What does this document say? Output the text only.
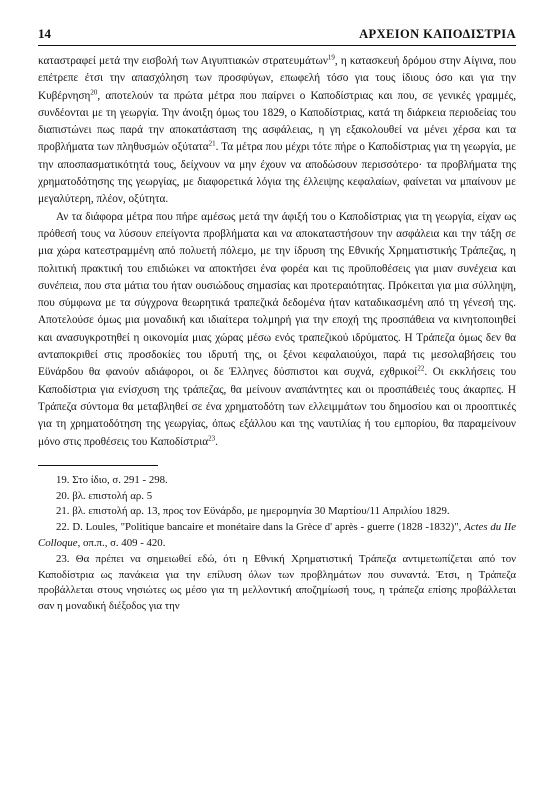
14	ΑΡΧΕΙΟΝ ΚΑΠΟΔΙΣΤΡΙΑ

καταστραφεί μετά την εισβολή των Αιγυπτιακών στρατευμάτων$^{19}$, η κατασκευή δρόμου στην Αίγινα, που επέτρεπε έτσι την απασχόληση των προσφύγων, επωφελή τόσο για τους ίδιους όσο και για την Κυβέρνηση$^{20}$, αποτελούν τα πρώτα μέτρα που παίρνει ο Καποδίστριας και που, σε γενικές γραμμές, συνδέονται με τη γεωργία. Την άνοιξη όμως του 1829, ο Καποδίστριας, κατά τη διάρκεια περιοδείας του διαπιστώνει πως παρά την αποκατάσταση της ασφάλειας, η γη εξακολουθεί να μένει χέρσα και τα προβλήματα των πληθυσμών οξύτατα$^{21}$. Τα μέτρα που μέχρι τότε πήρε ο Καποδίστριας για τη γεωργία, με την αποσπασματικότητά τους, δείχνουν να μην έχουν να αποδώσουν περισσότερο· τα προβλήματα της χρηματοδότησης της γεωργίας, με διαφορετικά λόγια της έλλειψης κεφαλαίων, φαίνεται να μπαίνουν με μεγαλύτερη, πλέον, οξύτητα.

Αν τα διάφορα μέτρα που πήρε αμέσως μετά την άφιξή του ο Καποδίστριας για τη γεωργία, είχαν ως πρόθεσή τους να λύσουν επείγοντα προβλήματα και να αποκαταστήσουν την ασφάλεια και την τάξη σε μια χώρα κατεστραμμένη από πολυετή πόλεμο, με την ίδρυση της Εθνικής Χρηματιστικής Τράπεζας, η πολιτική πρακτική του επιδιώκει να αποκτήσει ένα φορέα και τις προϋποθέσεις για μιαν συνέχεια και συνέπεια, που στα μάτια του ήταν ουσιώδους σημασίας και προτεραιότητας. Πρόκειται για μια σύλληψη, που σύμφωνα με τα σύγχρονα θεωρητικά τραπεζικά δεδομένα ήταν καταδικασμένη από τη γένεσή της. Αποτελούσε όμως μια μοναδική και ιδιαίτερα τολμηρή για την εποχή της προσπάθεια να κινητοποιηθεί και ανασυγκροτηθεί η οικονομία μιας χώρας μέσω ενός τραπεζικού ιδρύματος. Η Τράπεζα όμως δεν θα ανταποκριθεί στις προσδοκίες του ιδρυτή της, οι ξένοι κεφαλαιούχοι, παρά τις μεσολαβήσεις του Εϋνάρδου θα φανούν αδιάφοροι, οι δε Έλληνες δύσπιστοι και συχνά, εχθρικοί$^{22}$. Οι εκκλήσεις του Καποδίστρια για ενίσχυση της τράπεζας, θα μείνουν αναπάντητες και οι προσπάθειές τους άκαρπες. Η Τράπεζα σύντομα θα μεταβληθεί σε ένα χρηματοδότη των ελλειμμάτων του δημοσίου και οι προοπτικές για τη χρηματοδότηση της γεωργίας, όπως εξάλλου και της ναυτιλίας ή του εμπορίου, θα παραμείνουν μόνο στις προθέσεις του Καποδίστρια$^{23}$.

19. Στο ίδιο, σ. 291 - 298.

20. βλ. επιστολή αρ. 5

21. βλ. επιστολή αρ. 13, προς τον Εϋνάρδο, με ημερομηνία 30 Μαρτίου/11 Απριλίου 1829.

22. D. Loules, "Politique bancaire et monétaire dans la Grèce d' après - guerre (1828 -1832)", Actes du IIe Colloque, οπ.π., σ. 409 - 420.

23. Θα πρέπει να σημειωθεί εδώ, ότι η Εθνική Χρηματιστική Τράπεζα αντιμετωπίζεται από τον Καποδίστρια ως πανάκεια για την επίλυση όλων των προβλημάτων που συναντά. Έτσι, η Τράπεζα προβάλλεται στους νησιώτες ως μέσο για τη μελλοντική αποζημίωσή τους, η τράπεζα επίσης προβάλλεται σαν η μοναδική διέξοδος για την
